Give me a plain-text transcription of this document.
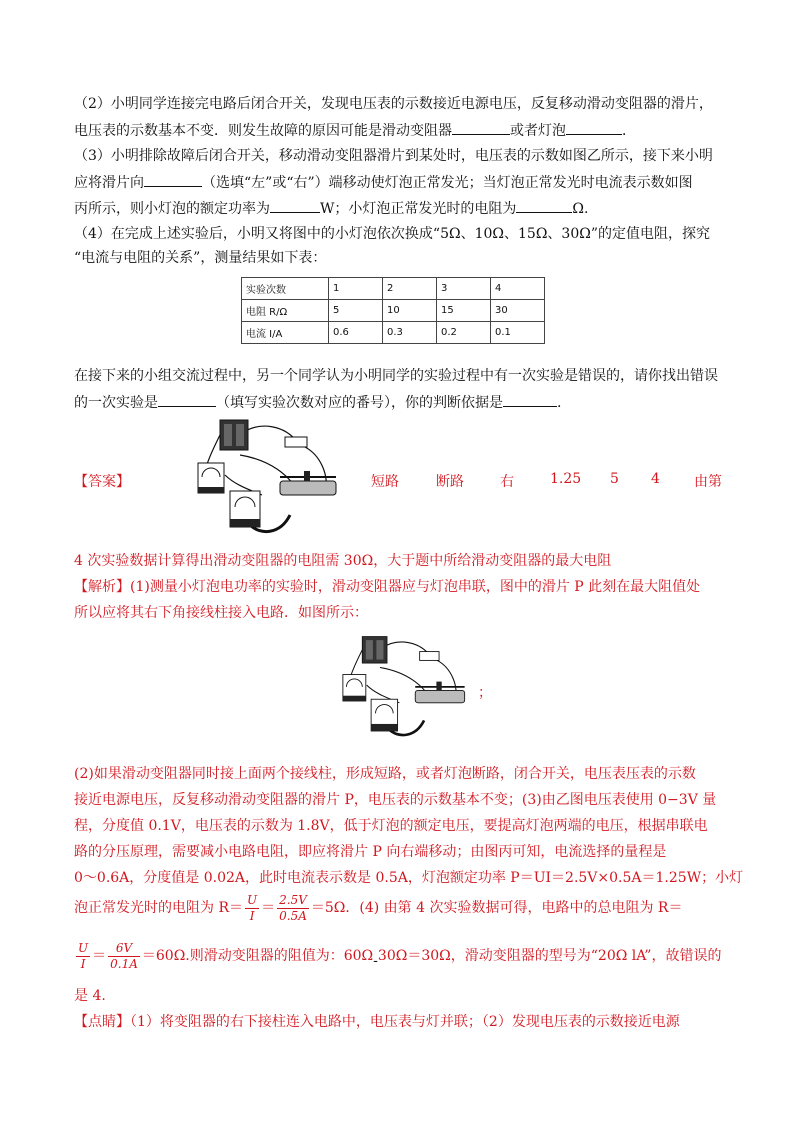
（2）小明同学连接完电路后闭合开关，发现电压表的示数接近电源电压，反复移动滑动变阻器的滑片，
电压表的示数基本不变．则发生故障的原因可能是滑动变阻器	或者灯泡	．
（3）小明排除故障后闭合开关，移动滑动变阻器滑片到某处时，电压表的示数如图乙所示，接下来小明
应将滑片向	（选填“左”或“右”）端移动使灯泡正常发光；当灯泡正常发光时电流表示数如图
丙所示，则小灯泡的额定功率为	W；小灯泡正常发光时的电阻为	Ω.
（4）在完成上述实验后，小明又将图中的小灯泡依次换成“5Ω、10Ω、15Ω、30Ω”的定值电阻，探究
“电流与电阻的关系”，测量结果如下表：
实验次数	1	2	3	4
电阻 R/Ω	5	10	15	30
电流 I/A	0.6	0.3	0.2	0.1
在接下来的小组交流过程中，另一个同学认为小明同学的实验过程中有一次实验是错误的，请你找出错误
的一次实验是	（填写实验次数对应的番号），你的判断依据是	.
【答案】	短路	断路	右	1.25 5 4 由第
4 次实验数据计算得出滑动变阻器的电阻需 30Ω，大于题中所给滑动变阻器的最大电阻
【解析】(1)测量小灯泡电功率的实验时，滑动变阻器应与灯泡串联，图中的滑片 P 此刻在最大阻值处
所以应将其右下角接线柱接入电路．如图所示：
；
(2)如果滑动变阻器同时接上面两个接线柱，形成短路，或者灯泡断路，闭合开关，电压表压表的示数
接近电源电压，反复移动滑动变阻器的滑片 P，电压表的示数基本不变；(3)由乙图电压表使用 0−3V 量
程，分度值 0.1V，电压表的示数为 1.8V，低于灯泡的额定电压，要提高灯泡两端的电压，根据串联电
路的分压原理，需要减小电路电阻，即应将滑片 P 向右端移动；由图丙可知，电流选择的量程是
0～0.6A，分度值是 0.02A，此时电流表示数是 0.5A，灯泡额定功率 P＝UI＝2.5V×0.5A＝1.25W；小灯
泡正常发光时的电阻为 $R= \frac{U}{I} = \frac{2.5V}{0.5A} =5\Omega$．(4) 由第 4 次实验数据可得，电路中的总电阻为 R＝
$\frac{U}{I} = \frac{6V}{0.1A} =60\Omega$.则滑动变阻器的阻值为：60Ω-30Ω＝30Ω，滑动变阻器的型号为“20Ω lA”，故错误的
是 4.
【点睛】（1）将变阻器的右下接柱连入电路中，电压表与灯并联；（2）发现电压表的示数接近电源
